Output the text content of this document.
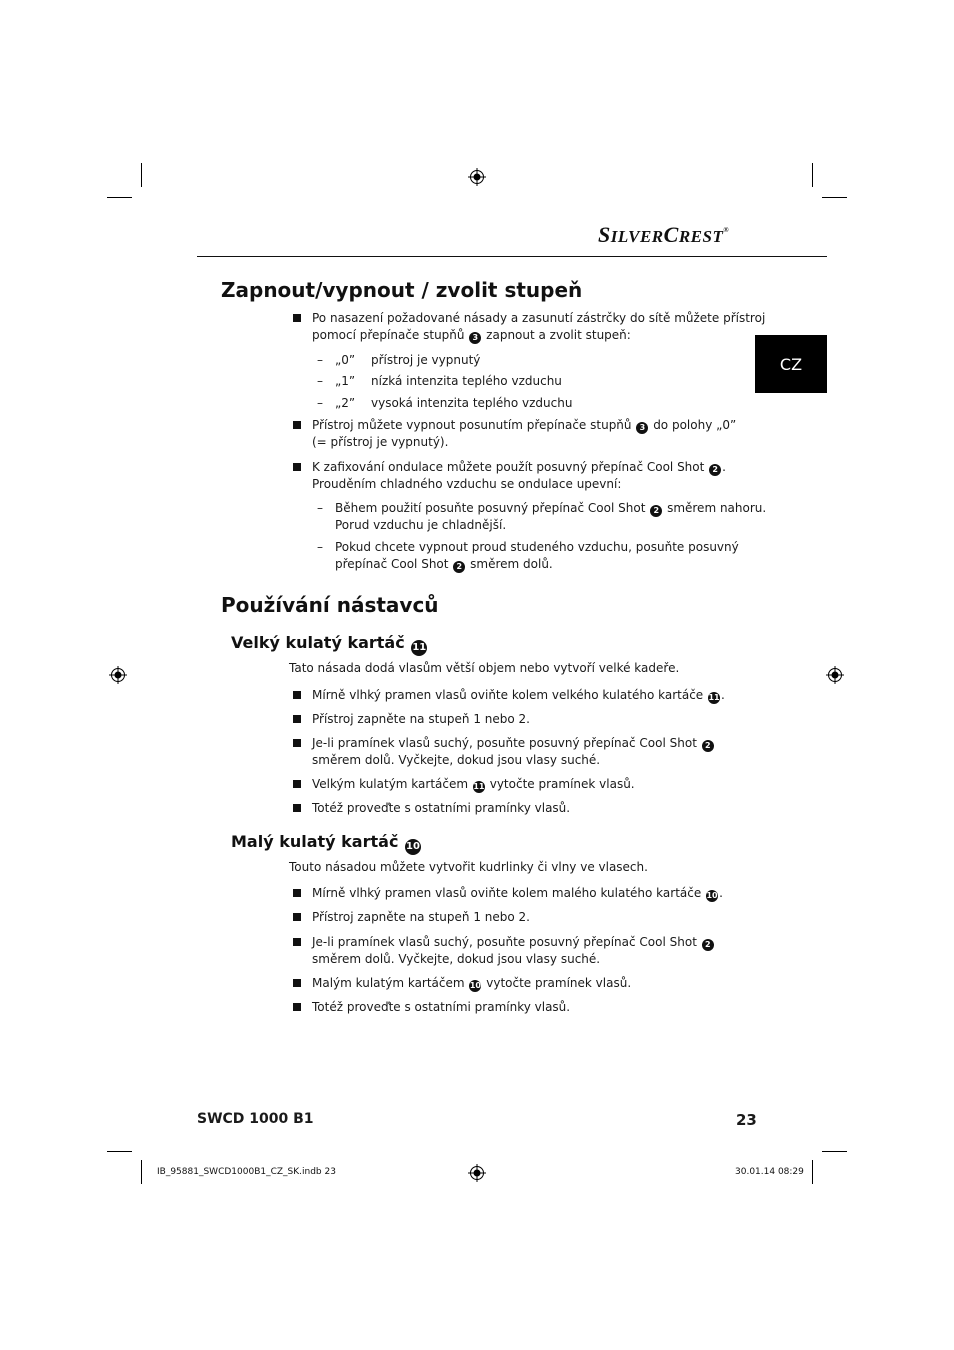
SILVERCREST®
CZ
Zapnout/vypnout / zvolit stupeň
Po nasazení požadované násady a zasunutí zástrčky do sítě můžete přístroj
pomocí přepínače stupňů 3 zapnout a zvolit stupeň:
– „0” přístroj je vypnutý
– „1” nízká intenzita teplého vzduchu
– „2” vysoká intenzita teplého vzduchu
Přístroj můžete vypnout posunutím přepínače stupňů 3 do polohy „0”
(= přístroj je vypnutý).
K zafixování ondulace můžete použít posuvný přepínač Cool Shot 2 .
Prouděním chladného vzduchu se ondulace upevní:
– Během použití posuňte posuvný přepínač Cool Shot 2 směrem nahoru.
Porud vzduchu je chladnější.
– Pokud chcete vypnout proud studeného vzduchu, posuňte posuvný
přepínač Cool Shot 2 směrem dolů.
Používání nástavců
Velký kulatý kartáč 11
Tato násada dodá vlasům větší objem nebo vytvoří velké kadeře.
Mírně vlhký pramen vlasů oviňte kolem velkého kulatého kartáče 11.
Přístroj zapněte na stupeň 1 nebo 2.
Je-li pramínek vlasů suchý, posuňte posuvný přepínač Cool Shot 2
směrem dolů. Vyčkejte, dokud jsou vlasy suché.
Velkým kulatým kartáčem 11 vytočte pramínek vlasů.
Totéž proveďte s ostatními pramínky vlasů.
Malý kulatý kartáč 10
Touto násadou můžete vytvořit kudrlinky či vlny ve vlasech.
Mírně vlhký pramen vlasů oviňte kolem malého kulatého kartáče 10.
Přístroj zapněte na stupeň 1 nebo 2.
Je-li pramínek vlasů suchý, posuňte posuvný přepínač Cool Shot 2
směrem dolů. Vyčkejte, dokud jsou vlasy suché.
Malým kulatým kartáčem 10 vytočte pramínek vlasů.
Totéž proveďte s ostatními pramínky vlasů.
SWCD 1000 B1	23
IB_95881_SWCD1000B1_CZ_SK.indb 23	30.01.14 08:29
